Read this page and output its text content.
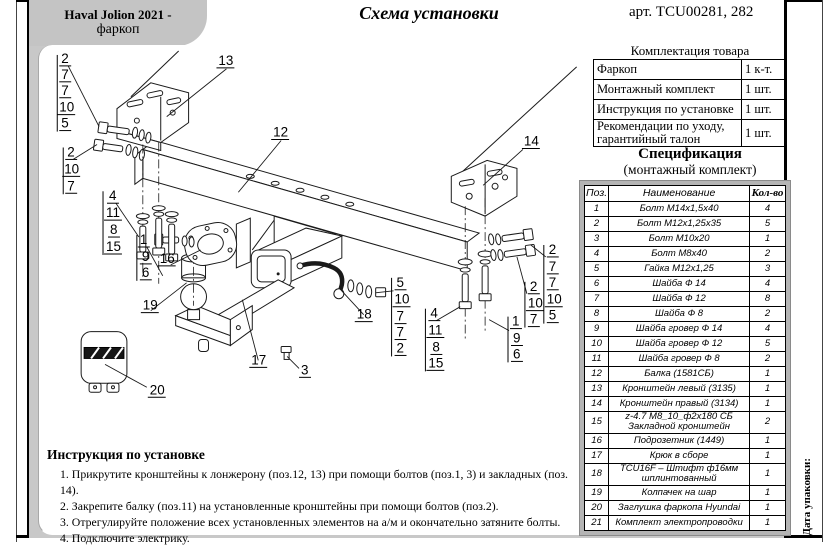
Haval Jolion 2021 -
фаркоп
Схема установки	арт. TCU00281, 282
2
7
7
10
5
2
10
7
13
12
4
11
8
15 1
9
6
16
19
20
17
3
14
18
5
10
7
7
2
4
11
8
15
1
9
6
2
7
7
10
5
2
10
7
Инструкция по установке
1. Прикрутите кронштейны к лонжерону (поз.12, 13) при помощи болтов (поз.1, 3) и закладных (поз. 14).
2. Закрепите балку (поз.11) на установленные кронштейны при помощи болтов (поз.2).
3. Отрегулируйте положение всех установленных элементов на а/м и окончательно затяните болты.
4. Подключите электрику.
Комплектация товара
Фаркоп	1 к-т.
Монтажный комплект	1 шт.
Инструкция по установке	1 шт.
Рекомендации по уходу, гарантийный талон	1 шт.
Спецификация
(монтажный комплект)
Поз.	Наименование	Кол-во
1	Болт М14х1,5х40	4
2	Болт М12х1,25х35	5
3	Болт М10х20	1
4	Болт М8х40	2
5	Гайка М12х1,25	3
6	Шайба Ф 14	4
7	Шайба Ф 12	8
8	Шайба Ф 8	2
9	Шайба гровер Ф 14	4
10	Шайба гровер Ф 12	5
11	Шайба гровер Ф 8	2
12	Балка (1581СБ)	1
13	Кронштейн левый (3135)	1
14	Кронштейн правый (3134)	1
15	z-4.7 М8_10_ф2х180 СБ Закладной кронштейн	2
16	Подрозетник (1449)	1
17	Крюк в сборе	1
18	TCU16F – Штифт ф16мм шплинтованный	1
19	Колпачек на шар	1
20	Заглушка фаркопа Hyundai	1
21	Комплект электропроводки	1	Дата упаковки:
